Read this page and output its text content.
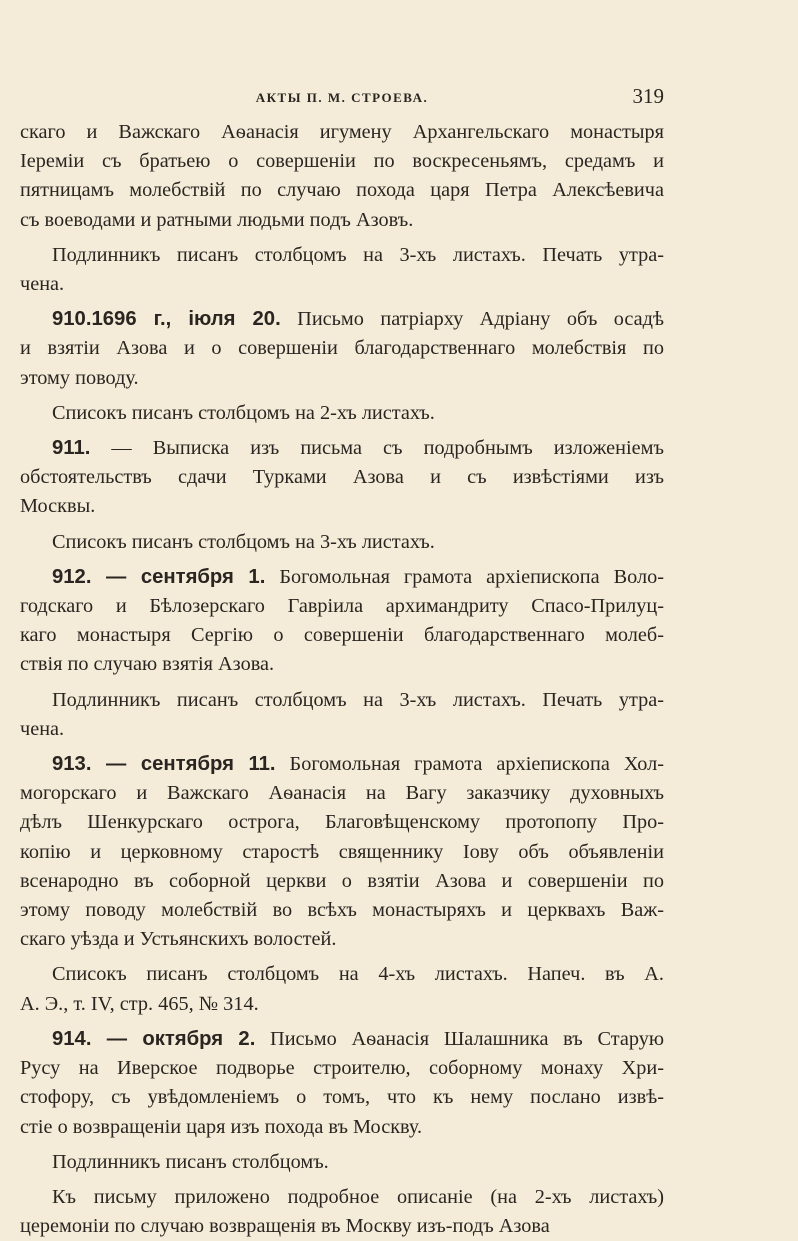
АКТЫ П. М. СТРОЕВА.	319

скаго и Важскаго Аѳанасія игумену Архангельскаго монастыря
Іереміи съ братьею о совершеніи по воскресеньямъ, средамъ и
пятницамъ молебствій по случаю похода царя Петра Алексѣевича
съ воеводами и ратными людьми подъ Азовъ.

Подлинникъ писанъ столбцомъ на 3-хъ листахъ. Печать утра-
чена.

910.1696 г., іюля 20. Письмо патріарху Адріану объ осадѣ
и взятіи Азова и о совершеніи благодарственнаго молебствія по
этому поводу.

Списокъ писанъ столбцомъ на 2-хъ листахъ.

911. — Выписка изъ письма съ подробнымъ изложеніемъ
обстоятельствъ сдачи Турками Азова и съ извѣстіями изъ
Москвы.

Списокъ писанъ столбцомъ на 3-хъ листахъ.

912. — сентября 1. Богомольная грамота архіепископа Воло-
годскаго и Бѣлозерскаго Гавріила архимандриту Спасо-Прилуц-
каго монастыря Сергію о совершеніи благодарственнаго молеб-
ствія по случаю взятія Азова.

Подлинникъ писанъ столбцомъ на 3-хъ листахъ. Печать утра-
чена.

913. — сентября 11. Богомольная грамота архіепископа Хол-
могорскаго и Важскаго Аѳанасія на Вагу заказчику духовныхъ
дѣлъ Шенкурскаго острога, Благовѣщенскому протопопу Про-
копію и церковному старостѣ священнику Іову объ объявленіи
всенародно въ соборной церкви о взятіи Азова и совершеніи по
этому поводу молебствій во всѣхъ монастыряхъ и церквахъ Важ-
скаго уѣзда и Устьянскихъ волостей.

Списокъ писанъ столбцомъ на 4-хъ листахъ. Напеч. въ А.
А. Э., т. IV, стр. 465, № 314.

914. — октября 2. Письмо Аѳанасія Шалашника въ Старую
Русу на Иверское подворье строителю, соборному монаху Хри-
стофору, съ увѣдомленіемъ о томъ, что къ нему послано извѣ-
стіе о возвращеніи царя изъ похода въ Москву.

Подлинникъ писанъ столбцомъ.

Къ письму приложено подробное описаніе (на 2-хъ листахъ)
церемоніи по случаю возвращенія въ Москву изъ-подъ Азова
